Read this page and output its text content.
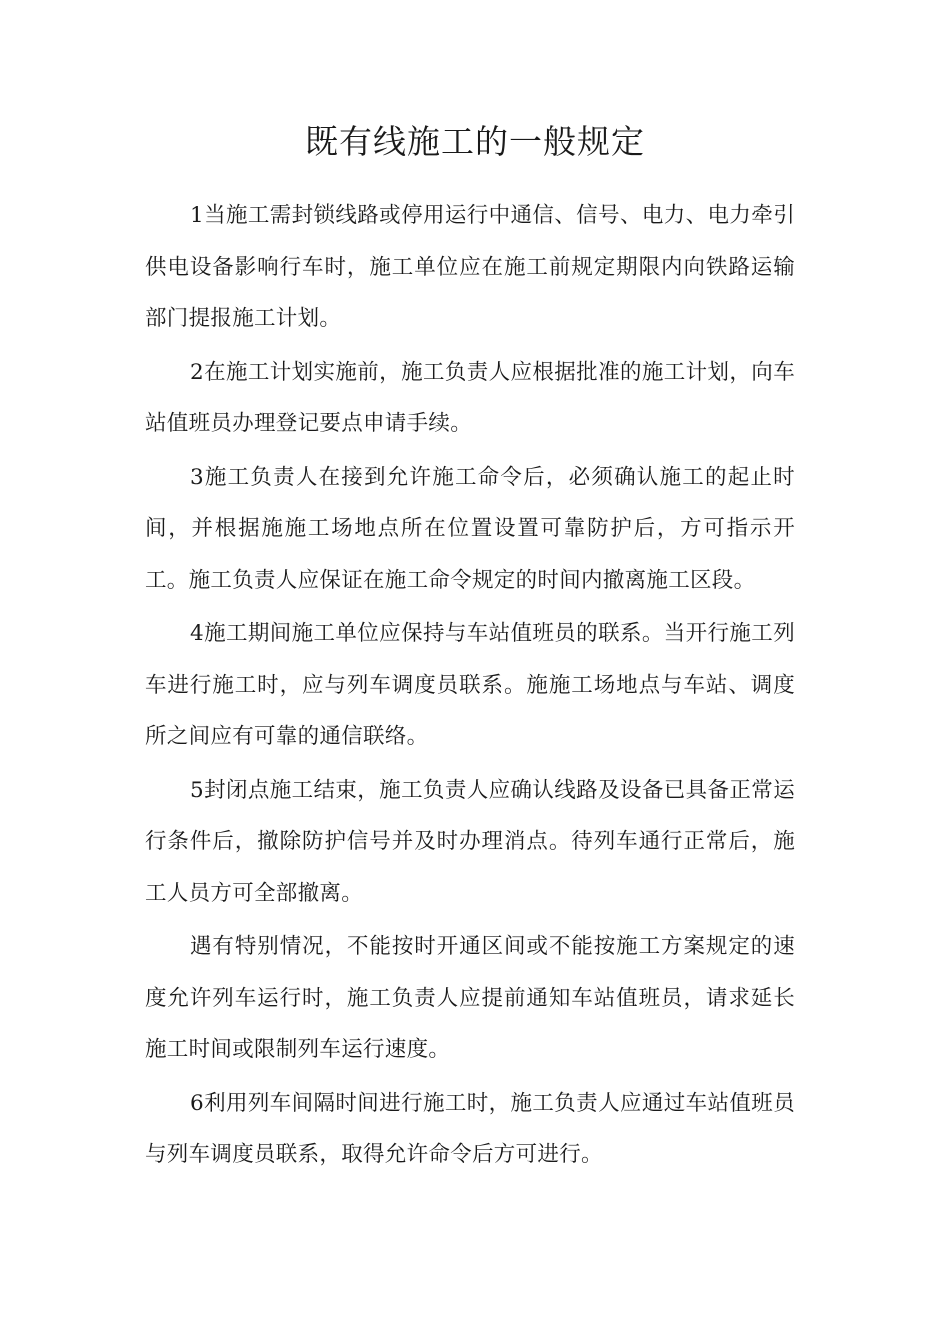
既有线施工的一般规定

1当施工需封锁线路或停用运行中通信、信号、电力、电力牵引供电设备影响行车时，施工单位应在施工前规定期限内向铁路运输部门提报施工计划。

2在施工计划实施前，施工负责人应根据批准的施工计划，向车站值班员办理登记要点申请手续。

3施工负责人在接到允许施工命令后，必须确认施工的起止时间，并根据施施工场地点所在位置设置可靠防护后，方可指示开工。施工负责人应保证在施工命令规定的时间内撤离施工区段。

4施工期间施工单位应保持与车站值班员的联系。当开行施工列车进行施工时，应与列车调度员联系。施施工场地点与车站、调度所之间应有可靠的通信联络。

5封闭点施工结束，施工负责人应确认线路及设备已具备正常运行条件后，撤除防护信号并及时办理消点。待列车通行正常后，施工人员方可全部撤离。

遇有特别情况，不能按时开通区间或不能按施工方案规定的速度允许列车运行时，施工负责人应提前通知车站值班员，请求延长施工时间或限制列车运行速度。

6利用列车间隔时间进行施工时，施工负责人应通过车站值班员与列车调度员联系，取得允许命令后方可进行。
